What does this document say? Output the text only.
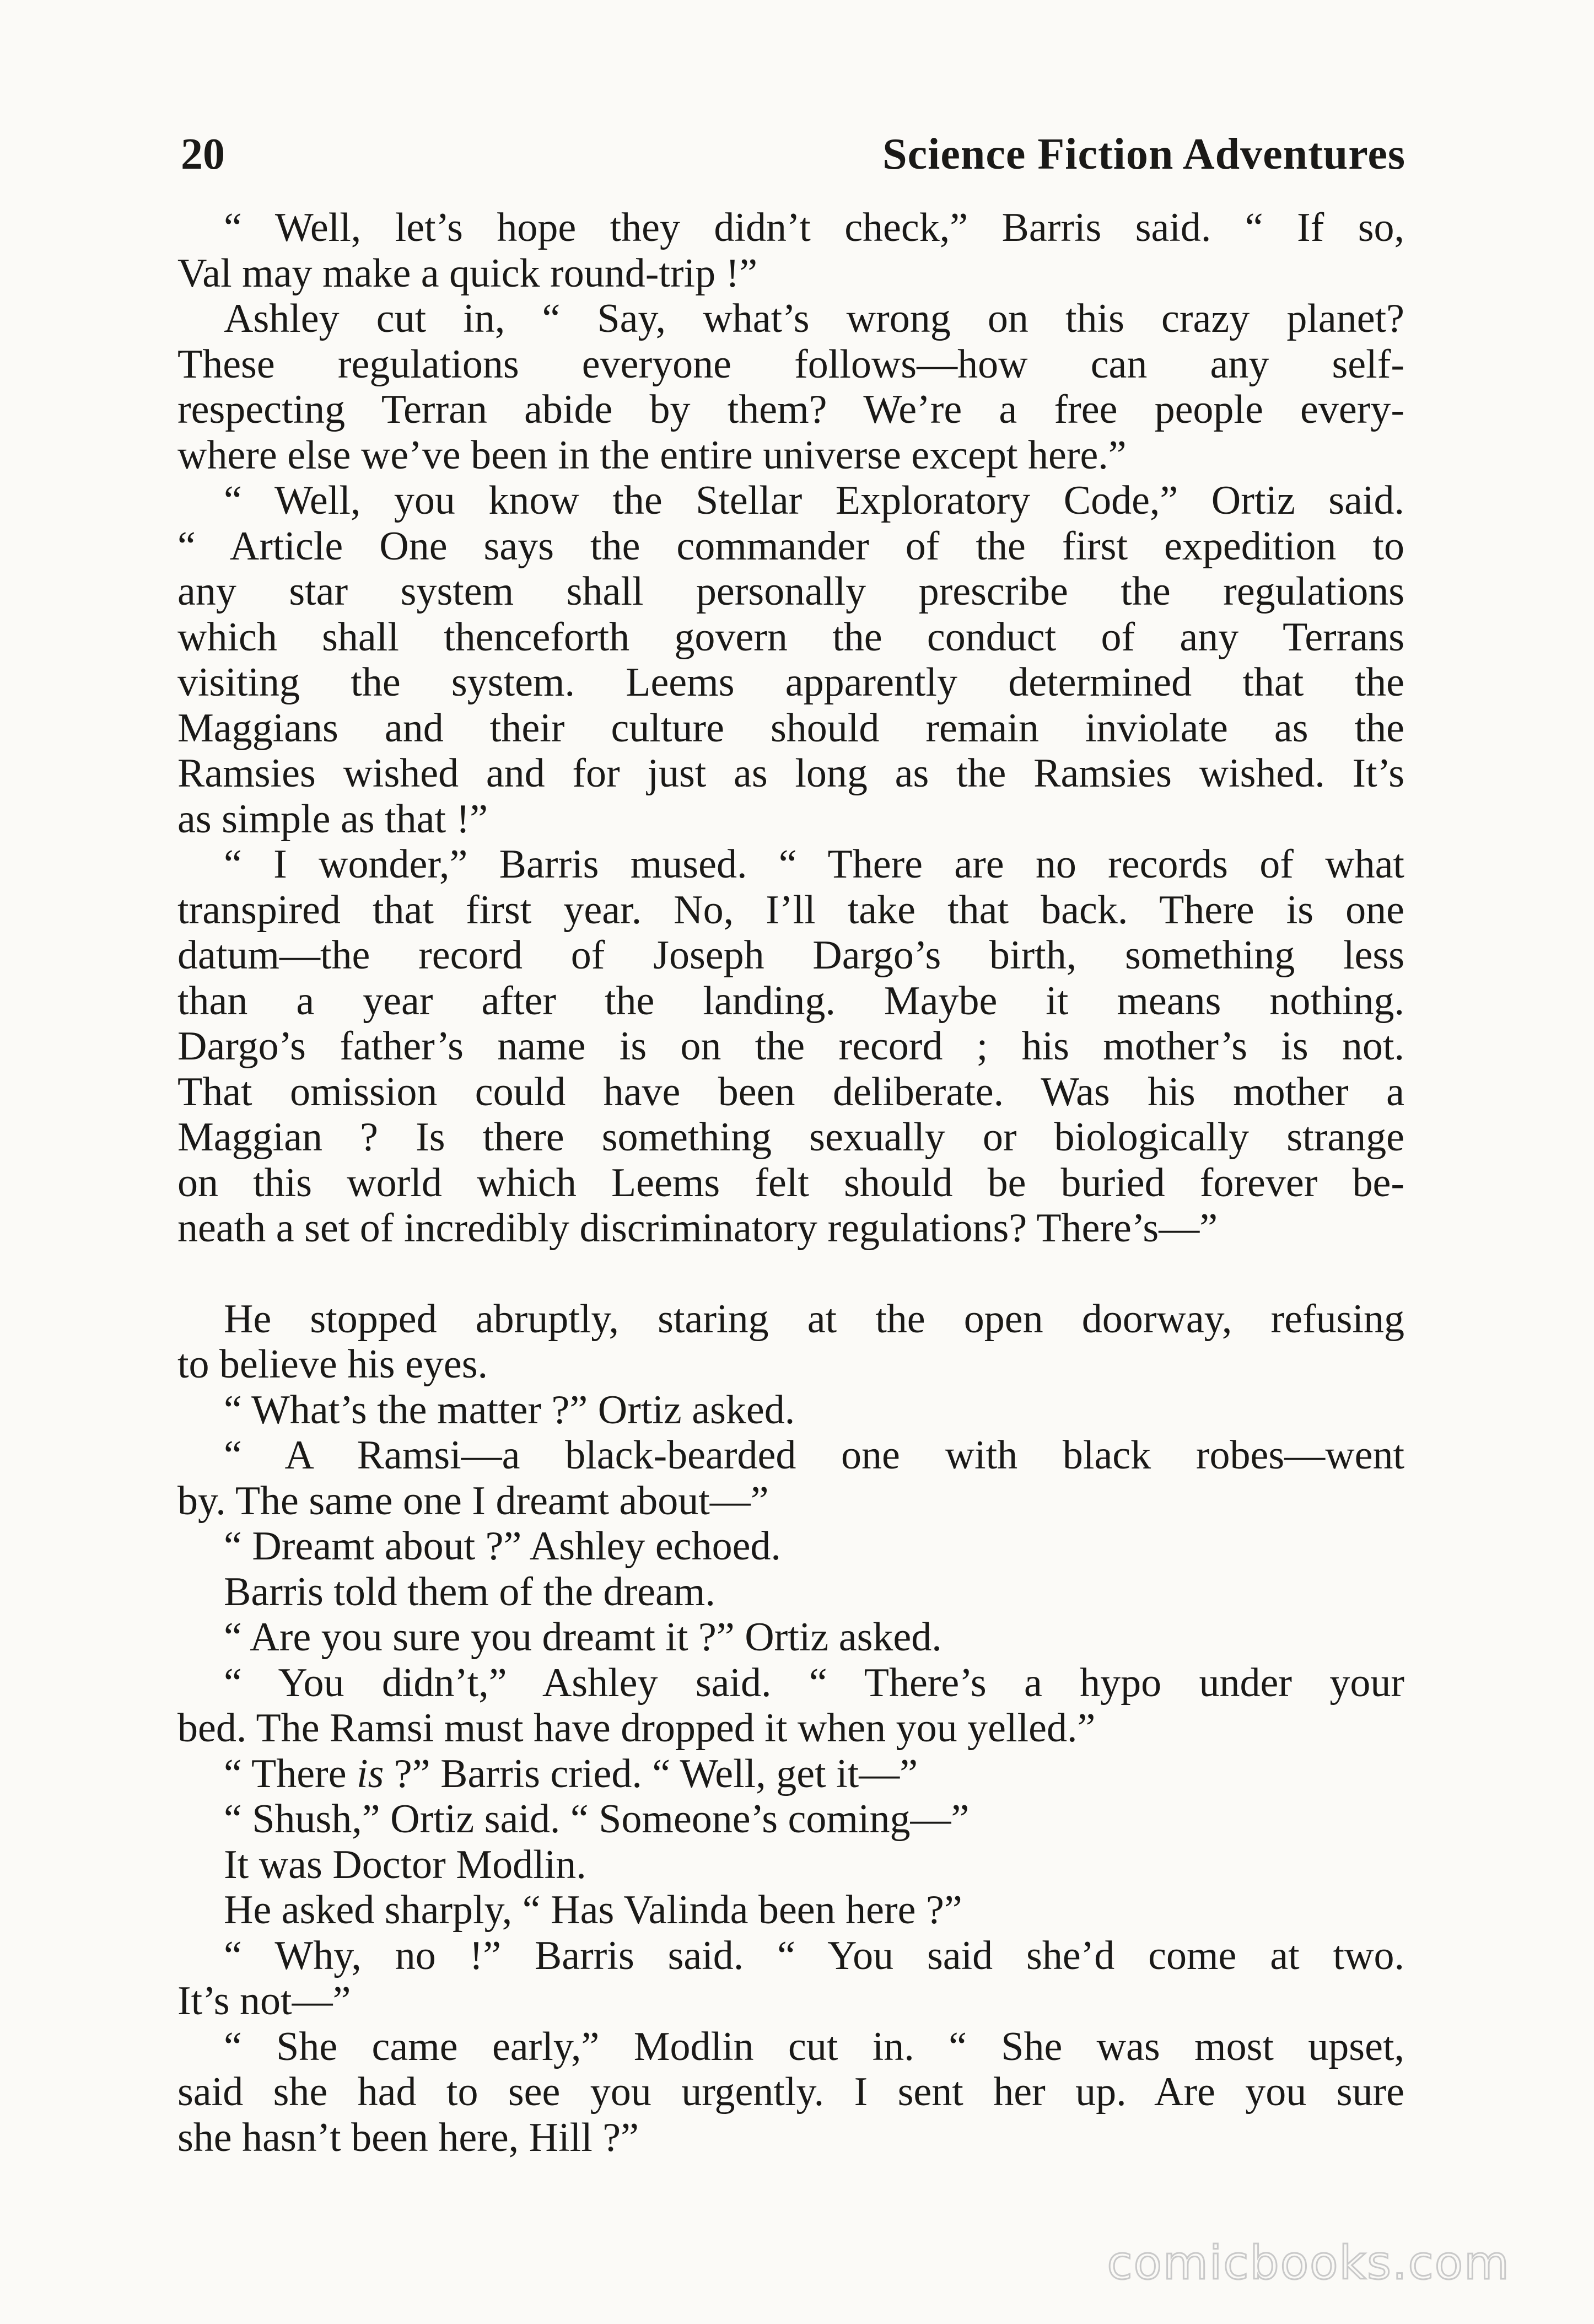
20	Science Fiction Adventures
“ Well, let’s hope they didn’t check,” Barris said. “ If so,
Val may make a quick round-trip !”
Ashley cut in, “ Say, what’s wrong on this crazy planet?
These regulations everyone follows—how can any self-
respecting Terran abide by them? We’re a free people every-
where else we’ve been in the entire universe except here.”
“ Well, you know the Stellar Exploratory Code,” Ortiz said.
“ Article One says the commander of the first expedition to
any star system shall personally prescribe the regulations
which shall thenceforth govern the conduct of any Terrans
visiting the system. Leems apparently determined that the
Maggians and their culture should remain inviolate as the
Ramsies wished and for just as long as the Ramsies wished. It’s
as simple as that !”
“ I wonder,” Barris mused. “ There are no records of what
transpired that first year. No, I’ll take that back. There is one
datum—the record of Joseph Dargo’s birth, something less
than a year after the landing. Maybe it means nothing.
Dargo’s father’s name is on the record ; his mother’s is not.
That omission could have been deliberate. Was his mother a
Maggian ? Is there something sexually or biologically strange
on this world which Leems felt should be buried forever be-
neath a set of incredibly discriminatory regulations? There’s—”
He stopped abruptly, staring at the open doorway, refusing
to believe his eyes.
“ What’s the matter ?” Ortiz asked.
“ A Ramsi—a black-bearded one with black robes—went
by. The same one I dreamt about—”
“ Dreamt about ?” Ashley echoed.
Barris told them of the dream.
“ Are you sure you dreamt it ?” Ortiz asked.
“ You didn’t,” Ashley said. “ There’s a hypo under your
bed. The Ramsi must have dropped it when you yelled.”
“ There is ?” Barris cried. “ Well, get it—”
“ Shush,” Ortiz said. “ Someone’s coming—”
It was Doctor Modlin.
He asked sharply, “ Has Valinda been here ?”
“ Why, no !” Barris said. “ You said she’d come at two.
It’s not—”
“ She came early,” Modlin cut in. “ She was most upset,
said she had to see you urgently. I sent her up. Are you sure
she hasn’t been here, Hill ?”
comicbooks.com
